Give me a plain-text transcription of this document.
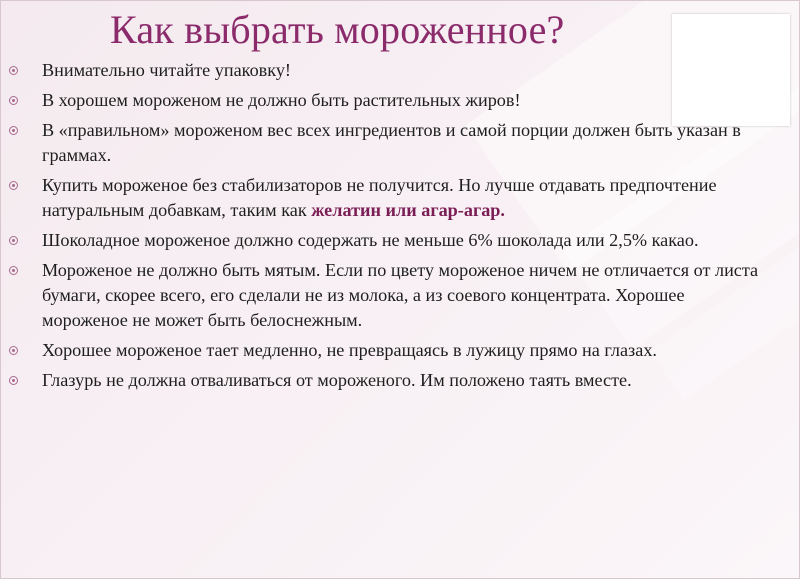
Как выбрать мороженное?
Внимательно читайте упаковку!
В хорошем мороженом не должно быть растительных жиров!
В «правильном» мороженом вес всех ингредиентов и самой порции должен быть указан в граммах.
Купить мороженое без стабилизаторов не получится. Но лучше отдавать предпочтение натуральным добавкам, таким как желатин или агар-агар.
Шоколадное мороженое должно содержать не меньше 6% шоколада или 2,5% какао.
Мороженое не должно быть мятым. Если по цвету мороженое ничем не отличается от листа бумаги, скорее всего, его сделали не из молока, а из соевого концентрата. Хорошее мороженое не может быть белоснежным.
Хорошее мороженое тает медленно, не превращаясь в лужицу прямо на глазах.
Глазурь не должна отваливаться от мороженого. Им положено таять вместе.
